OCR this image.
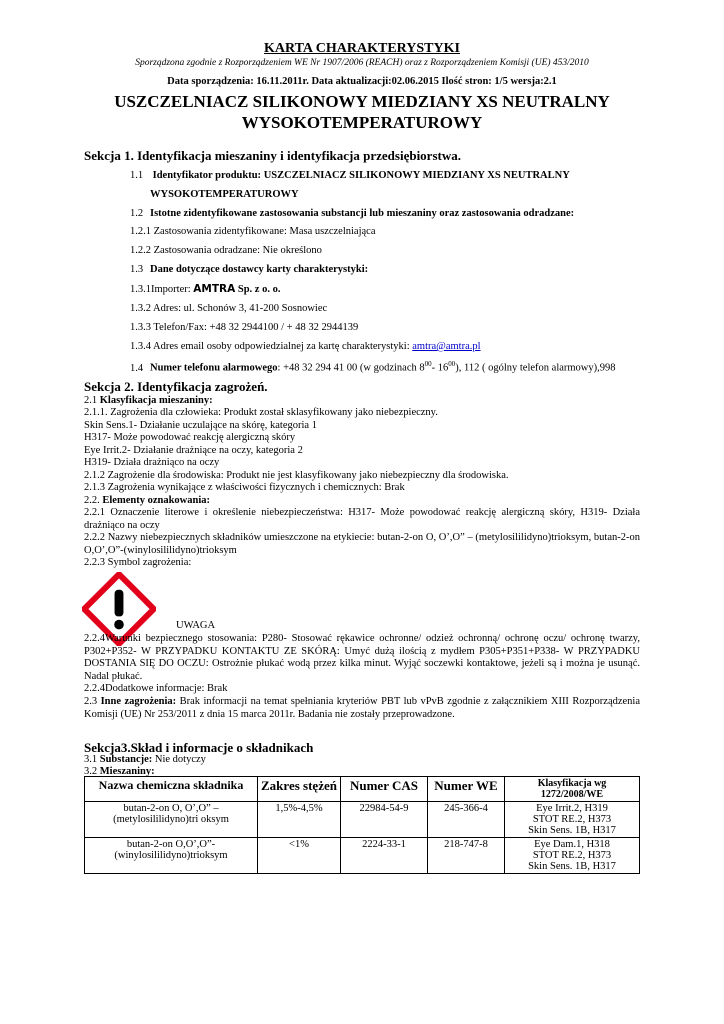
KARTA CHARAKTERYSTYKI
Sporządzona zgodnie z Rozporządzeniem WE Nr 1907/2006 (REACH) oraz z Rozporządzeniem Komisji (UE) 453/2010
Data sporządzenia: 16.11.2011r. Data aktualizacji:02.06.2015 Ilość stron: 1/5 wersja:2.1
USZCZELNIACZ SILIKONOWY MIEDZIANY XS NEUTRALNY
WYSOKOTEMPERATUROWY
Sekcja 1. Identyfikacja mieszaniny i identyfikacja przedsiębiorstwa.
1.1 Identyfikator produktu: USZCZELNIACZ SILIKONOWY MIEDZIANY XS NEUTRALNY
WYSOKOTEMPERATUROWY
1.2 Istotne zidentyfikowane zastosowania substancji lub mieszaniny oraz zastosowania odradzane:
1.2.1 Zastosowania zidentyfikowane: Masa uszczelniająca
1.2.2 Zastosowania odradzane: Nie określono
1.3 Dane dotyczące dostawcy karty charakterystyki:
1.3.1Importer: AMTRA Sp. z o. o.
1.3.2 Adres: ul. Schonów 3, 41-200 Sosnowiec
1.3.3 Telefon/Fax: +48 32 2944100 / + 48 32 2944139
1.3.4 Adres email osoby odpowiedzialnej za kartę charakterystyki: amtra@amtra.pl
1.4 Numer telefonu alarmowego: +48 32 294 41 00 (w godzinach $8^{00}-$ $16^{00}$), 112 ( ogólny telefon alarmowy),998
Sekcja 2. Identyfikacja zagrożeń.
2.1 Klasyfikacja mieszaniny:
2.1.1. Zagrożenia dla człowieka: Produkt został sklasyfikowany jako niebezpieczny.
Skin Sens.1- Działanie uczulające na skórę, kategoria 1
H317- Może powodować reakcję alergiczną skóry
Eye Irrit.2- Działanie drażniące na oczy, kategoria 2
H319- Działa drażniąco na oczy
2.1.2 Zagrożenie dla środowiska: Produkt nie jest klasyfikowany jako niebezpieczny dla środowiska.
2.1.3 Zagrożenia wynikające z właściwości fizycznych i chemicznych: Brak
2.2. Elementy oznakowania:
2.2.1 Oznaczenie literowe i określenie niebezpieczeństwa: H317- Może powodować reakcję alergiczną skóry, H319- Działa drażniąco na oczy
2.2.2 Nazwy niebezpiecznych składników umieszczone na etykiecie: butan-2-on O, O’,O” – (metylosililidyno)trioksym, butan-2-on O,O’,O”-(winylosililidyno)trioksym
2.2.3 Symbol zagrożenia:
UWAGA
2.2.4Warunki bezpiecznego stosowania: P280- Stosować rękawice ochronne/ odzież ochronną/ ochronę oczu/ ochronę twarzy, P302+P352- W PRZYPADKU KONTAKTU ZE SKÓRĄ: Umyć dużą ilością z mydłem P305+P351+P338- W PRZYPADKU DOSTANIA SIĘ DO OCZU: Ostrożnie płukać wodą przez kilka minut. Wyjąć soczewki kontaktowe, jeżeli są i można je usunąć. Nadal płukać.
2.2.4Dodatkowe informacje: Brak
2.3 Inne zagrożenia: Brak informacji na temat spełniania kryteriów PBT lub vPvB zgodnie z załącznikiem XIII Rozporządzenia Komisji (UE) Nr 253/2011 z dnia 15 marca 2011r. Badania nie zostały przeprowadzone.
Sekcja3.Skład i informacje o składnikach
3.1 Substancje: Nie dotyczy
3.2 Mieszaniny:
Nazwa chemiczna składnika	Zakres stężeń	Numer CAS	Numer WE	Klasyfikacja wg 1272/2008/WE
butan-2-on O, O’,O” – (metylosililidyno)tri oksym	1,5%-4,5%	22984-54-9	245-366-4	Eye Irrit.2, H319
STOT RE.2, H373
Skin Sens. 1B, H317

butan-2-on O,O’,O”-(winylosililidyno)trioksym	<1%	2224-33-1	218-747-8	Eye Dam.1, H318
STOT RE.2, H373
Skin Sens. 1B, H317
